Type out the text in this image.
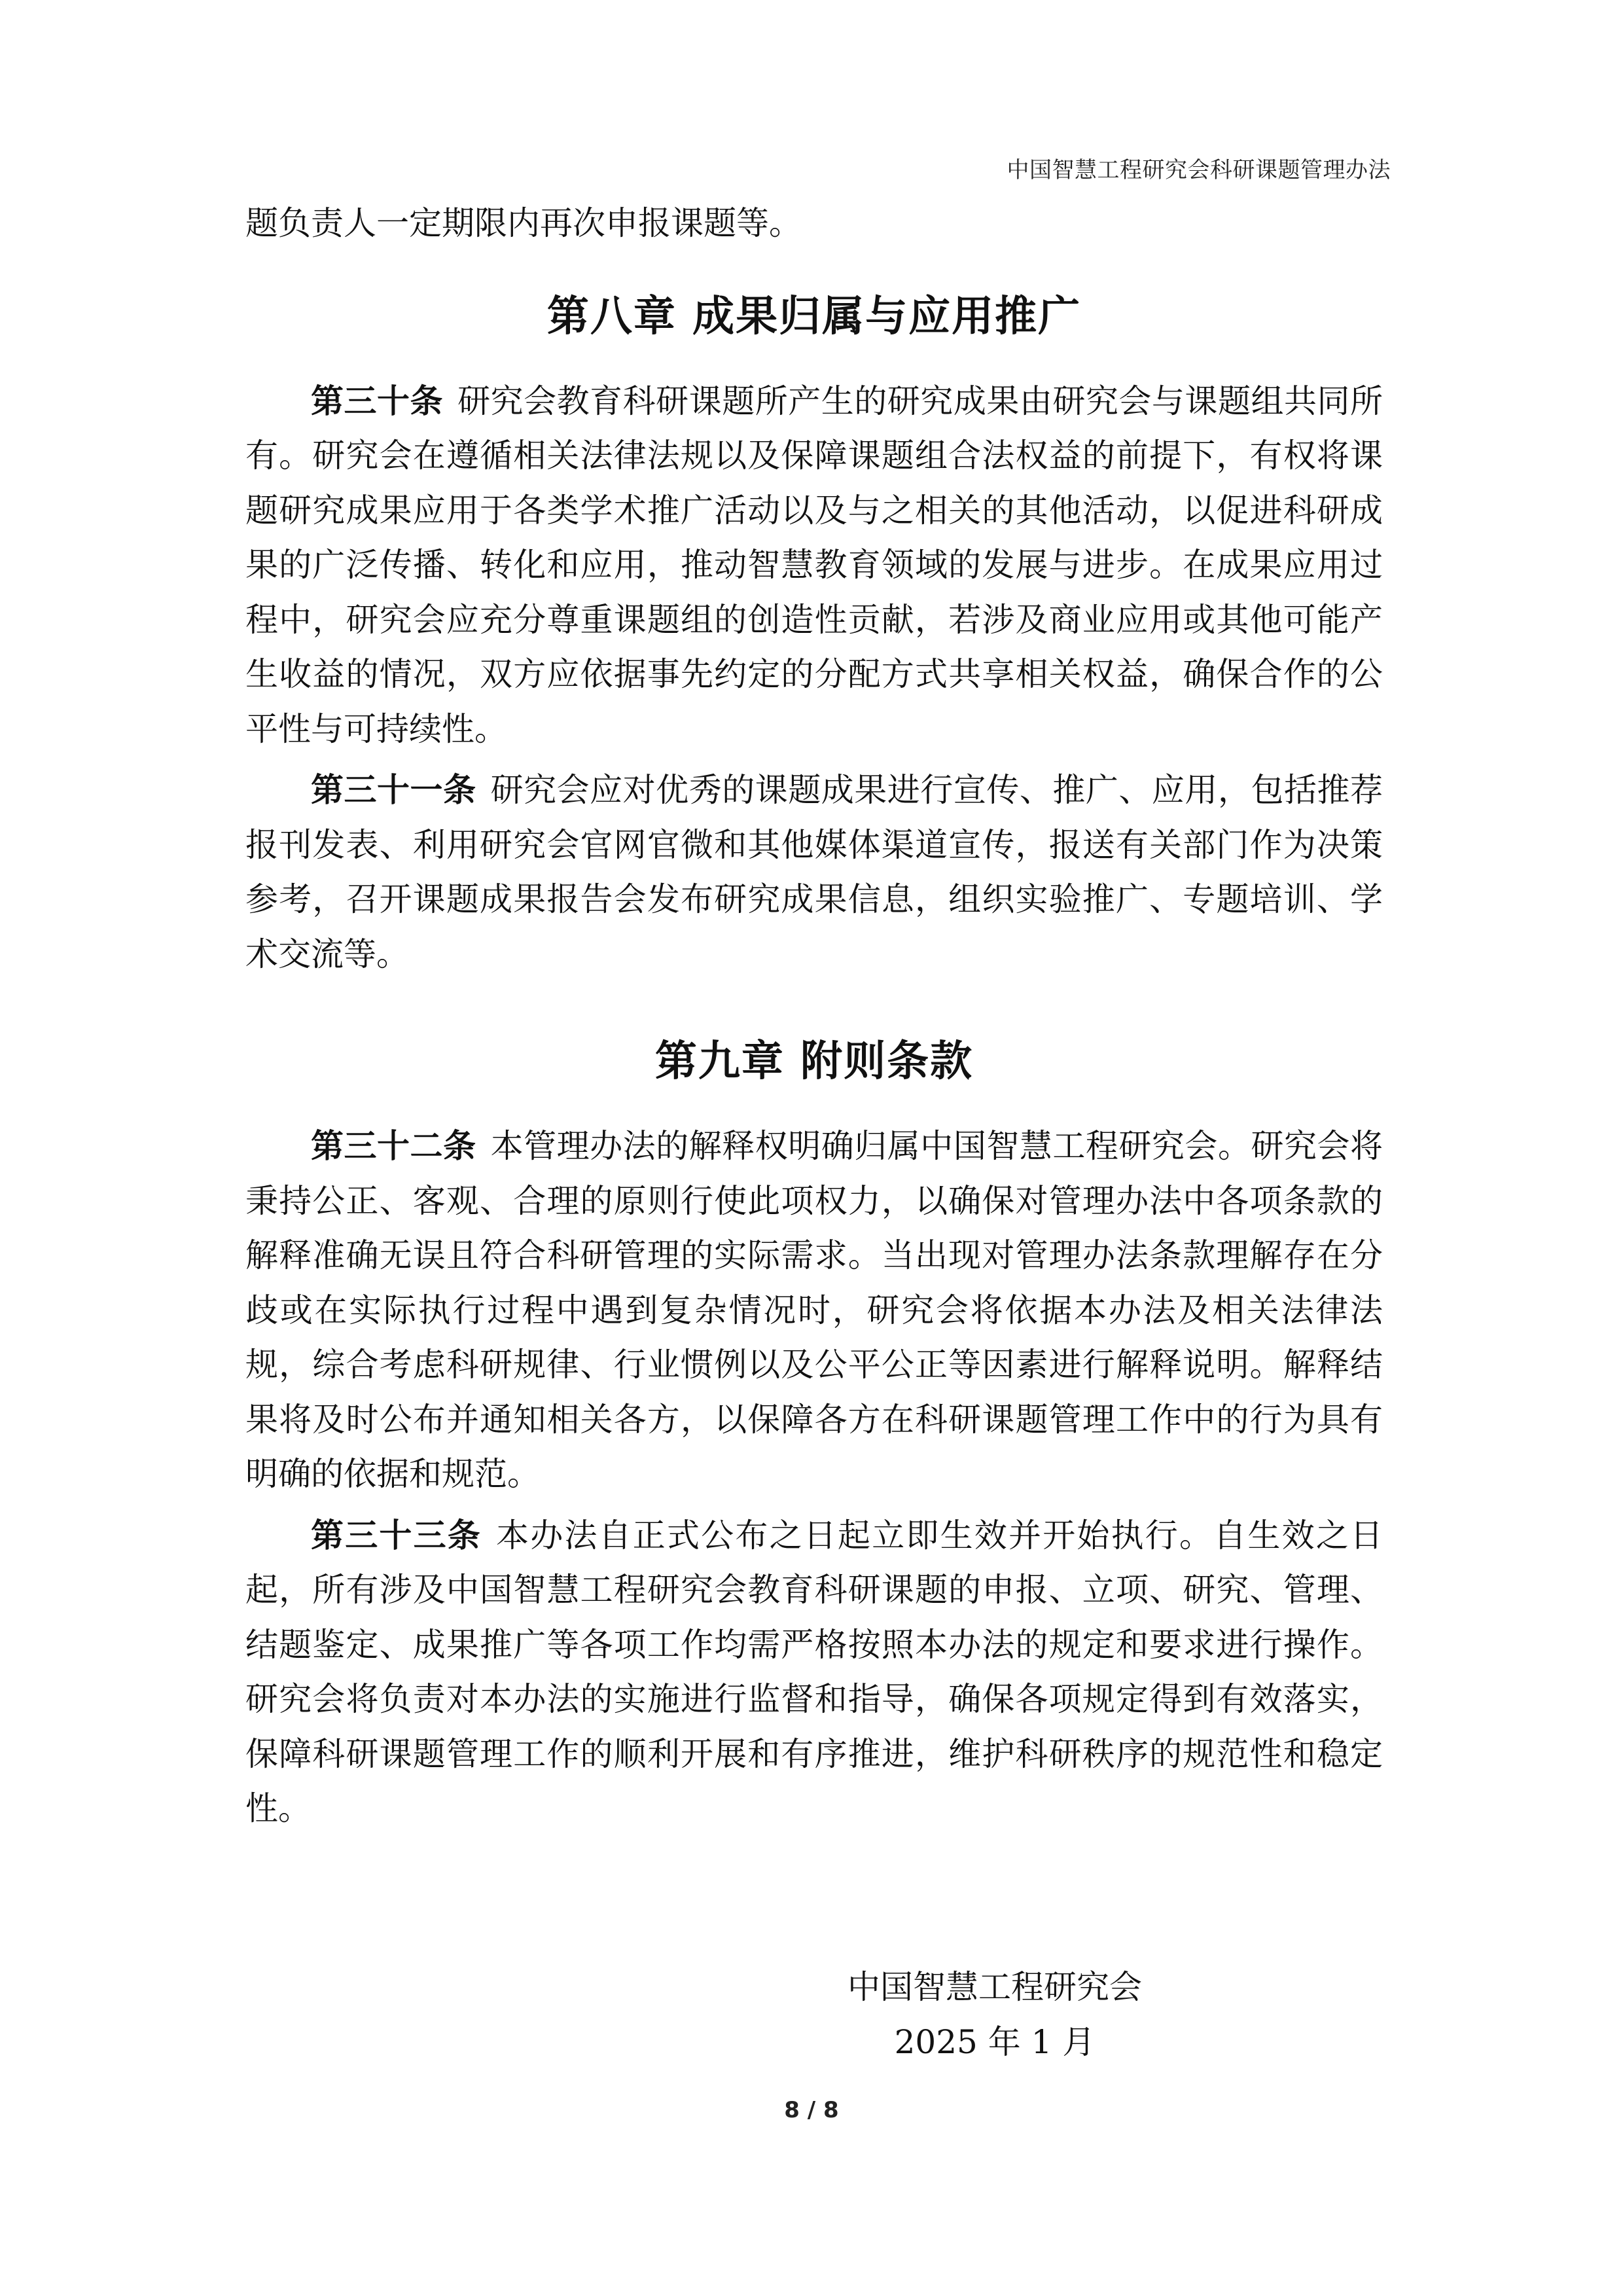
中国智慧工程研究会科研课题管理办法

题负责人一定期限内再次申报课题等。

第八章 成果归属与应用推广

第三十条 研究会教育科研课题所产生的研究成果由研究会与课题组共同所有。研究会在遵循相关法律法规以及保障课题组合法权益的前提下，有权将课题研究成果应用于各类学术推广活动以及与之相关的其他活动，以促进科研成果的广泛传播、转化和应用，推动智慧教育领域的发展与进步。在成果应用过程中，研究会应充分尊重课题组的创造性贡献，若涉及商业应用或其他可能产生收益的情况，双方应依据事先约定的分配方式共享相关权益，确保合作的公平性与可持续性。

第三十一条 研究会应对优秀的课题成果进行宣传、推广、应用，包括推荐报刊发表、利用研究会官网官微和其他媒体渠道宣传，报送有关部门作为决策参考，召开课题成果报告会发布研究成果信息，组织实验推广、专题培训、学术交流等。

第九章 附则条款

第三十二条 本管理办法的解释权明确归属中国智慧工程研究会。研究会将秉持公正、客观、合理的原则行使此项权力，以确保对管理办法中各项条款的解释准确无误且符合科研管理的实际需求。当出现对管理办法条款理解存在分歧或在实际执行过程中遇到复杂情况时，研究会将依据本办法及相关法律法规，综合考虑科研规律、行业惯例以及公平公正等因素进行解释说明。解释结果将及时公布并通知相关各方，以保障各方在科研课题管理工作中的行为具有明确的依据和规范。

第三十三条 本办法自正式公布之日起立即生效并开始执行。自生效之日起，所有涉及中国智慧工程研究会教育科研课题的申报、立项、研究、管理、结题鉴定、成果推广等各项工作均需严格按照本办法的规定和要求进行操作。研究会将负责对本办法的实施进行监督和指导，确保各项规定得到有效落实，保障科研课题管理工作的顺利开展和有序推进，维护科研秩序的规范性和稳定性。

中国智慧工程研究会
2025 年 1 月
8 / 8
